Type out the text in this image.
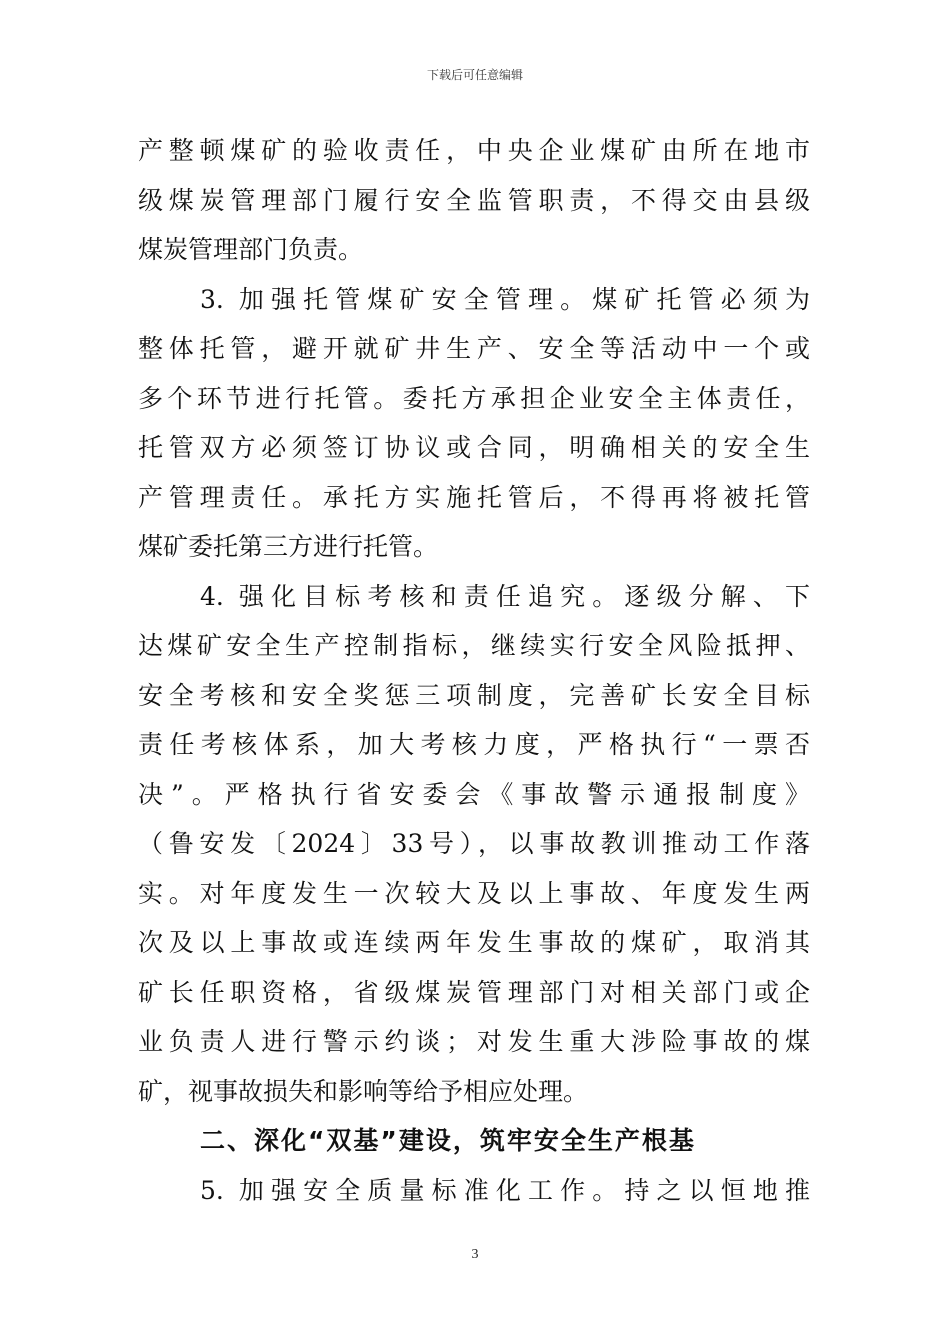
下载后可任意编辑
产整顿煤矿的验收责任，中央企业煤矿由所在地市
级煤炭管理部门履行安全监管职责，不得交由县级
煤炭管理部门负责。
3. 加强托管煤矿安全管理。煤矿托管必须为
整体托管，避开就矿井生产、安全等活动中一个或
多个环节进行托管。委托方承担企业安全主体责任，
托管双方必须签订协议或合同，明确相关的安全生
产管理责任。承托方实施托管后，不得再将被托管
煤矿委托第三方进行托管。
4. 强化目标考核和责任追究。逐级分解、下
达煤矿安全生产控制指标，继续实行安全风险抵押、
安全考核和安全奖惩三项制度，完善矿长安全目标
责任考核体系，加大考核力度，严格执行“一票否
决”。严格执行省安委会《事故警示通报制度》
（鲁安发〔2024〕33号），以事故教训推动工作落
实。对年度发生一次较大及以上事故、年度发生两
次及以上事故或连续两年发生事故的煤矿，取消其
矿长任职资格，省级煤炭管理部门对相关部门或企
业负责人进行警示约谈；对发生重大涉险事故的煤
矿，视事故损失和影响等给予相应处理。
二、深化“双基”建设，筑牢安全生产根基
5. 加强安全质量标准化工作。持之以恒地推
3
